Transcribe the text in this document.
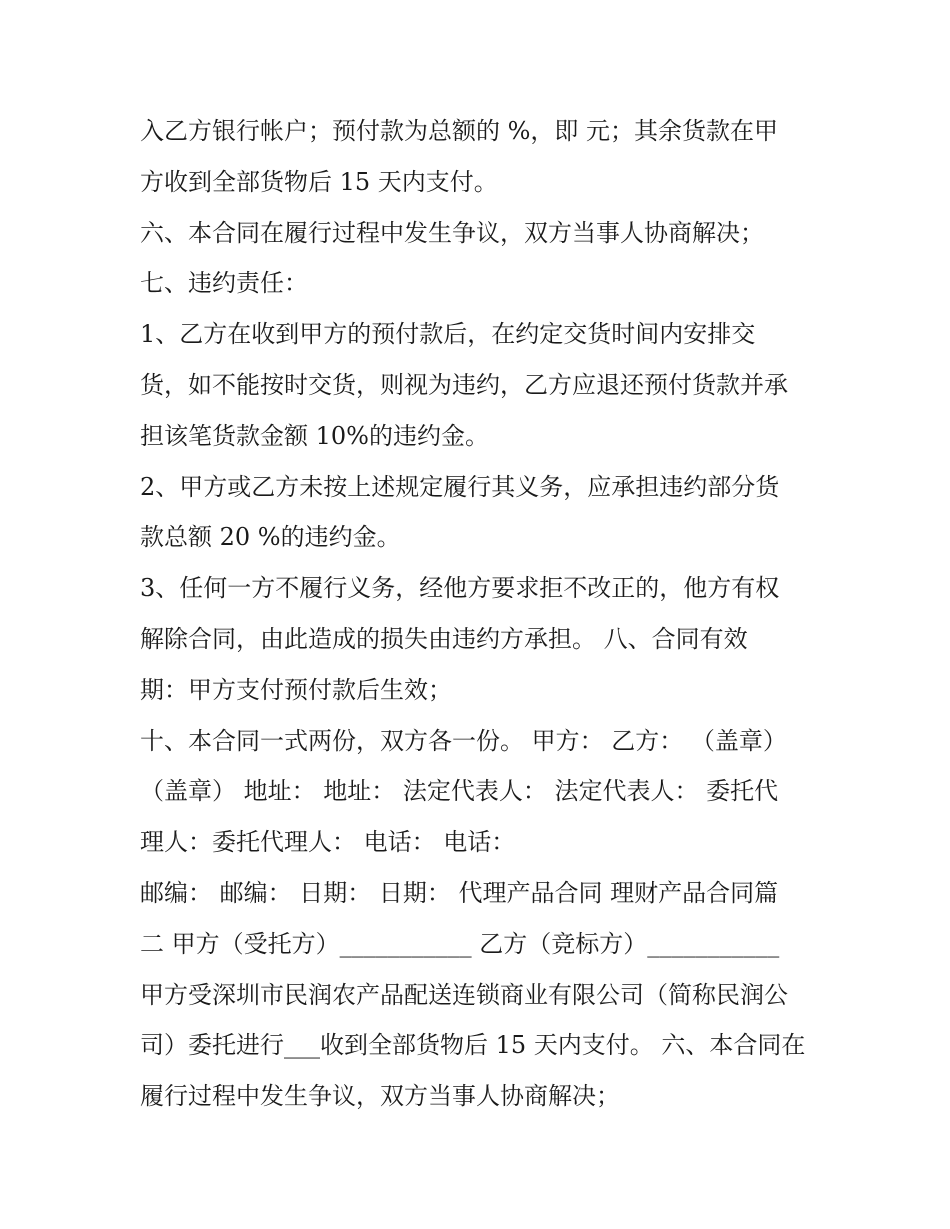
入乙方银行帐户；预付款为总额的 %，即 元；其余货款在甲
方收到全部货物后 15 天内支付。
六、本合同在履行过程中发生争议，双方当事人协商解决；
七、违约责任：
1、乙方在收到甲方的预付款后，在约定交货时间内安排交
货，如不能按时交货，则视为违约，乙方应退还预付货款并承
担该笔货款金额 10%的违约金。
2、甲方或乙方未按上述规定履行其义务，应承担违约部分货
款总额 20 %的违约金。
3、任何一方不履行义务，经他方要求拒不改正的，他方有权
解除合同，由此造成的损失由违约方承担。 八、合同有效
期：甲方支付预付款后生效；
十、本合同一式两份，双方各一份。 甲方： 乙方： （盖章）
（盖章） 地址： 地址： 法定代表人： 法定代表人： 委托代
理人：委托代理人： 电话： 电话：
邮编： 邮编： 日期： 日期： 代理产品合同 理财产品合同篇
二 甲方（受托方）___________ 乙方（竞标方）___________
甲方受深圳市民润农产品配送连锁商业有限公司（简称民润公
司）委托进行___收到全部货物后 15 天内支付。 六、本合同在
履行过程中发生争议，双方当事人协商解决；
